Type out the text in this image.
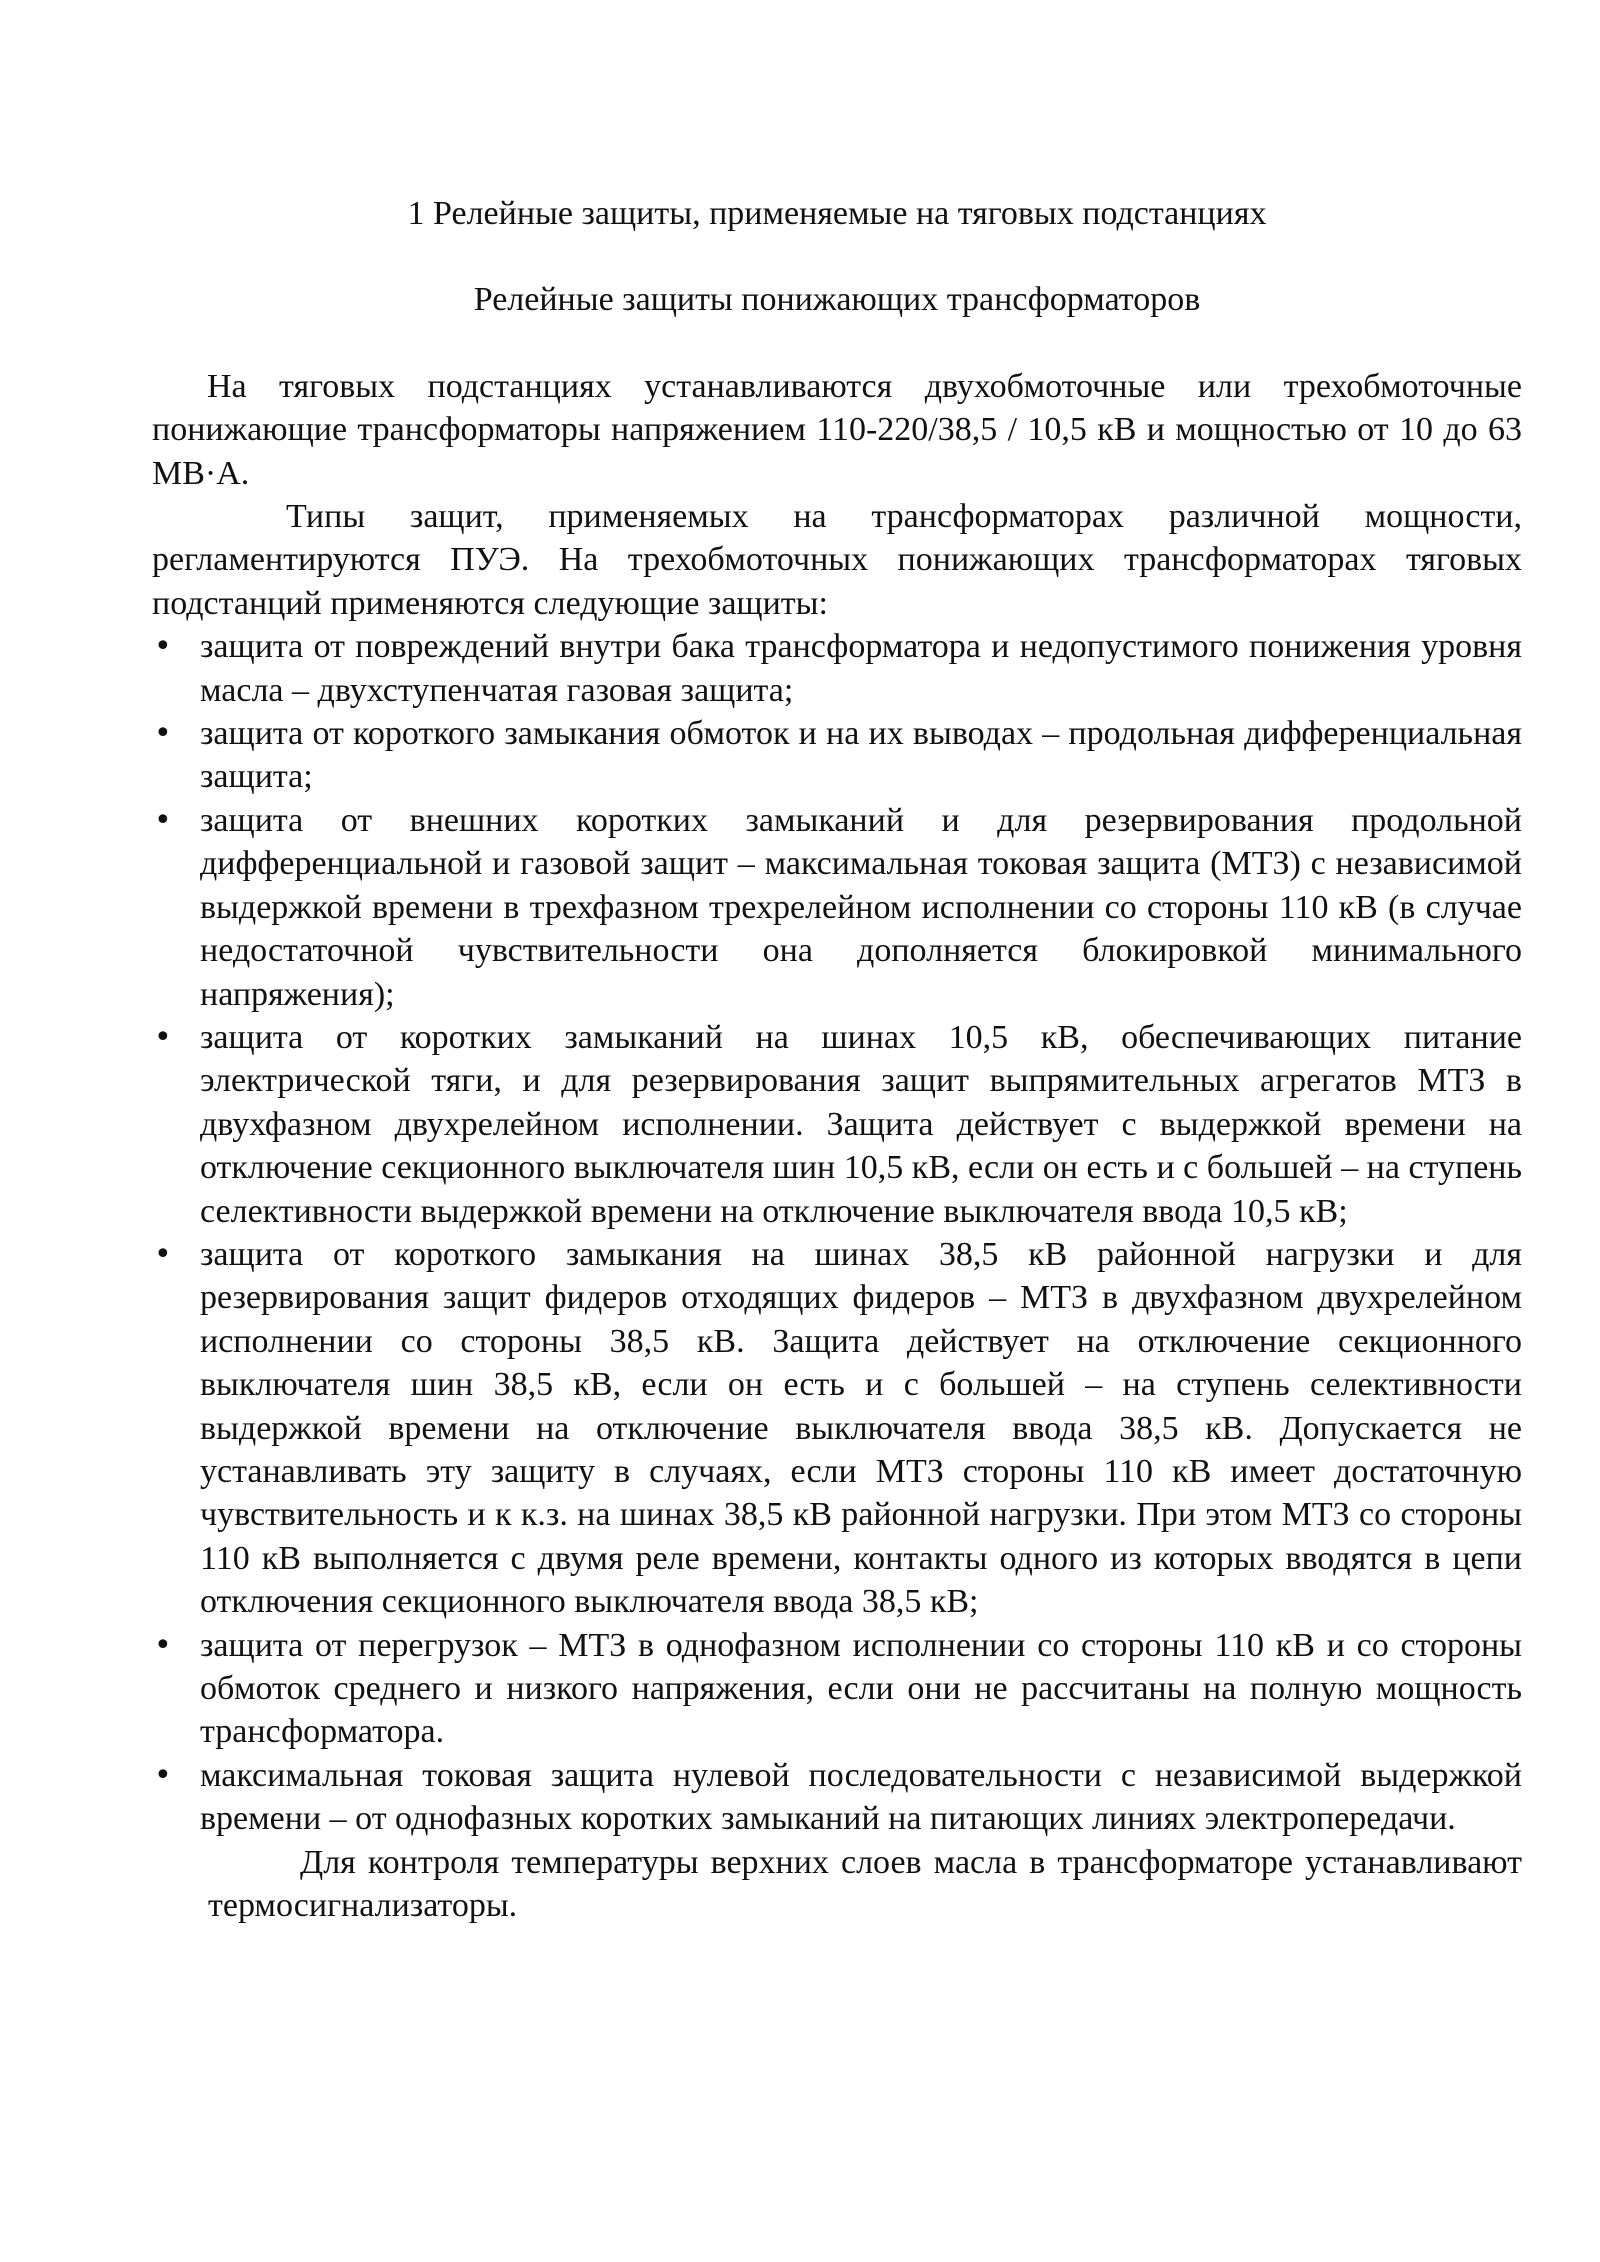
1 Релейные защиты, применяемые на тяговых подстанциях

Релейные защиты понижающих трансформаторов

На тяговых подстанциях устанавливаются двухобмоточные или трехобмоточные понижающие трансформаторы напряжением 110-220/38,5 / 10,5 кВ и мощностью от 10 до 63 МВ·А.

Типы защит, применяемых на трансформаторах различной мощности, регламентируются ПУЭ. На трехобмоточных понижающих трансформаторах тяговых подстанций применяются следующие защиты:

• защита от повреждений внутри бака трансформатора и недопустимого понижения уровня масла – двухступенчатая газовая защита;
• защита от короткого замыкания обмоток и на их выводах – продольная дифференциальная защита;
• защита от внешних коротких замыканий и для резервирования продольной дифференциальной и газовой защит – максимальная токовая защита (МТЗ) с независимой выдержкой времени в трехфазном трехрелейном исполнении со стороны 110 кВ (в случае недостаточной чувствительности она дополняется блокировкой минимального напряжения);
• защита от коротких замыканий на шинах 10,5 кВ, обеспечивающих питание электрической тяги, и для резервирования защит выпрямительных агрегатов МТЗ в двухфазном двухрелейном исполнении. Защита действует с выдержкой времени на отключение секционного выключателя шин 10,5 кВ, если он есть и с большей – на ступень селективности выдержкой времени на отключение выключателя ввода 10,5 кВ;
• защита от короткого замыкания на шинах 38,5 кВ районной нагрузки и для резервирования защит фидеров отходящих фидеров – МТЗ в двухфазном двухрелейном исполнении со стороны 38,5 кВ. Защита действует на отключение секционного выключателя шин 38,5 кВ, если он есть и с большей – на ступень селективности выдержкой времени на отключение выключателя ввода 38,5 кВ. Допускается не устанавливать эту защиту в случаях, если МТЗ стороны 110 кВ имеет достаточную чувствительность и к к.з. на шинах 38,5 кВ районной нагрузки. При этом МТЗ со стороны 110 кВ выполняется с двумя реле времени, контакты одного из которых вводятся в цепи отключения секционного выключателя ввода 38,5 кВ;
• защита от перегрузок – МТЗ в однофазном исполнении со стороны 110 кВ и со стороны обмоток среднего и низкого напряжения, если они не рассчитаны на полную мощность трансформатора.
• максимальная токовая защита нулевой последовательности с независимой выдержкой времени – от однофазных коротких замыканий на питающих линиях электропередачи.

Для контроля температуры верхних слоев масла в трансформаторе устанавливают термосигнализаторы.
